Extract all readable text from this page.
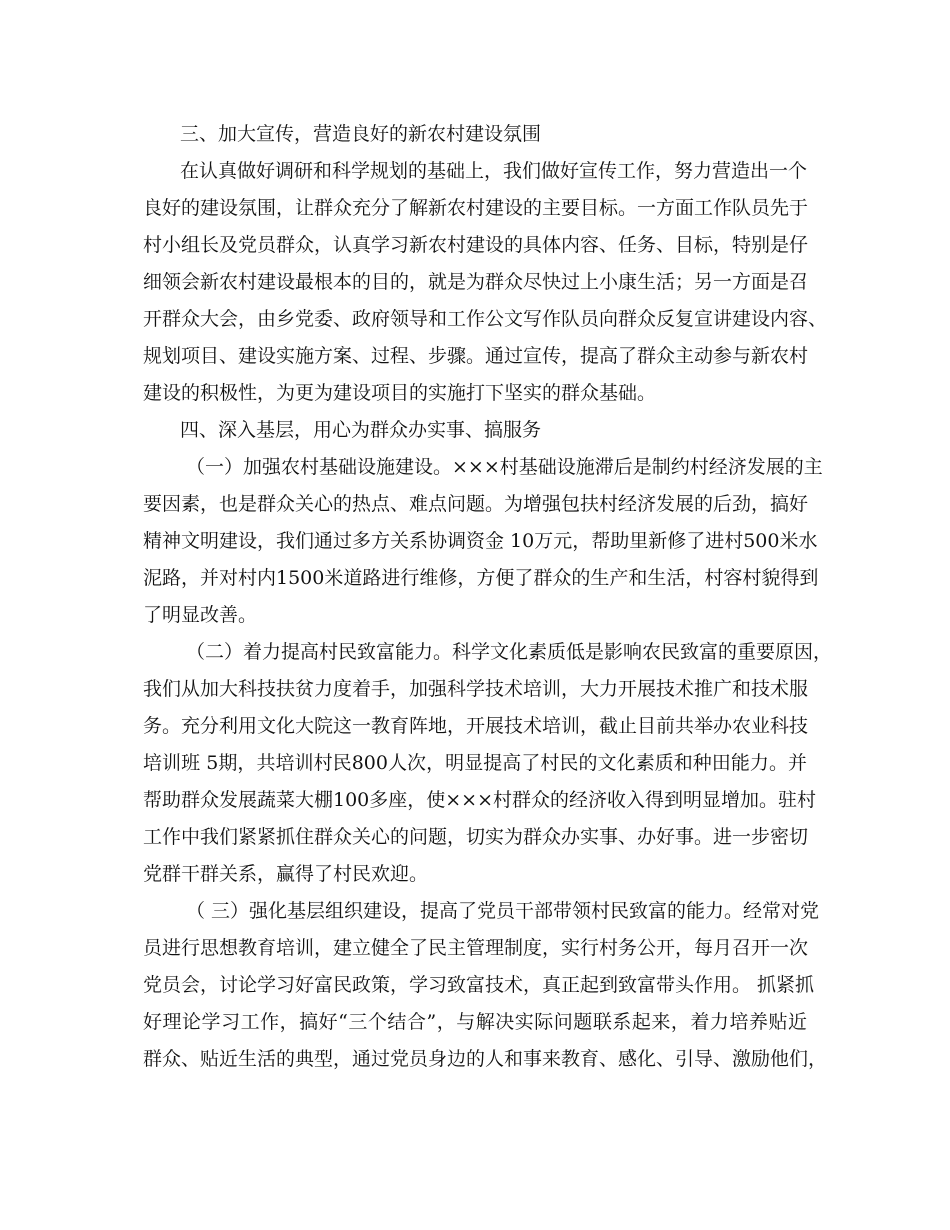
三、加大宣传，营造良好的新农村建设氛围
在认真做好调研和科学规划的基础上，我们做好宣传工作，努力营造出一个
良好的建设氛围，让群众充分了解新农村建设的主要目标。一方面工作队员先于
村小组长及党员群众，认真学习新农村建设的具体内容、任务、目标，特别是仔
细领会新农村建设最根本的目的，就是为群众尽快过上小康生活；另一方面是召
开群众大会，由乡党委、政府领导和工作公文写作队员向群众反复宣讲建设内容、
规划项目、建设实施方案、过程、步骤。通过宣传，提高了群众主动参与新农村
建设的积极性，为更为建设项目的实施打下坚实的群众基础。
四、深入基层，用心为群众办实事、搞服务
（一）加强农村基础设施建设。×××村基础设施滞后是制约村经济发展的主
要因素，也是群众关心的热点、难点问题。为增强包扶村经济发展的后劲，搞好
精神文明建设，我们通过多方关系协调资金 10万元，帮助里新修了进村500米水
泥路，并对村内1500米道路进行维修，方便了群众的生产和生活，村容村貌得到
了明显改善。
（二）着力提高村民致富能力。科学文化素质低是影响农民致富的重要原因，
我们从加大科技扶贫力度着手，加强科学技术培训，大力开展技术推广和技术服
务。充分利用文化大院这一教育阵地，开展技术培训，截止目前共举办农业科技
培训班 5期，共培训村民800人次，明显提高了村民的文化素质和种田能力。并
帮助群众发展蔬菜大棚100多座，使×××村群众的经济收入得到明显增加。驻村
工作中我们紧紧抓住群众关心的问题，切实为群众办实事、办好事。进一步密切
党群干群关系，赢得了村民欢迎。
（ 三）强化基层组织建设，提高了党员干部带领村民致富的能力。经常对党
员进行思想教育培训，建立健全了民主管理制度，实行村务公开，每月召开一次
党员会，讨论学习好富民政策，学习致富技术，真正起到致富带头作用。 抓紧抓
好理论学习工作，搞好“三个结合”，与解决实际问题联系起来，着力培养贴近
群众、贴近生活的典型，通过党员身边的人和事来教育、感化、引导、激励他们，
